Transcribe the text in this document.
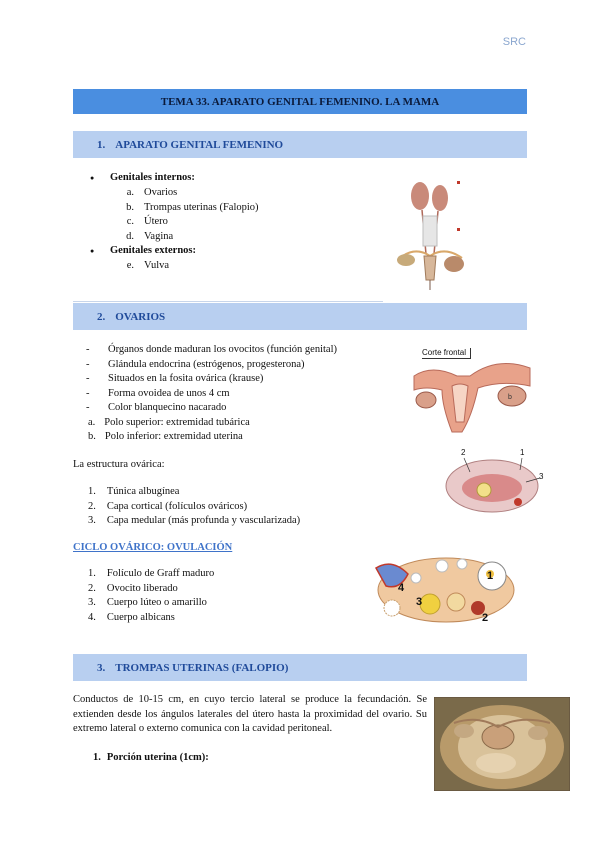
SRC
TEMA 33. APARATO GENITAL FEMENINO. LA MAMA
1. APARATO GENITAL FEMENINO
● Genitales internos:
a. Ovarios
b. Trompas uterinas (Falopio)
c. Útero
d. Vagina
● Genitales externos:
e. Vulva
2. OVARIOS
- Órganos donde maduran los ovocitos (función genital)
- Glándula endocrina (estrógenos, progesterona)
- Situados en la fosita ovárica (krause)
- Forma ovoidea de unos 4 cm
- Color blanquecino nacarado
a. Polo superior: extremidad tubárica
b. Polo inferior: extremidad uterina
Corte frontal
b
La estructura ovárica:
1. Túnica albugínea
2. Capa cortical (folículos ováricos)
3. Capa medular (más profunda y vascularizada)
2	1
3
CICLO OVÁRICO: OVULACIÓN
1. Folículo de Graff maduro
2. Ovocito liberado
3. Cuerpo lúteo o amarillo
4. Cuerpo albicans
1
2
3
4
3. TROMPAS UTERINAS (FALOPIO)
Conductos de 10-15 cm, en cuyo tercio lateral se produce la fecundación. Se extienden desde los ángulos laterales del útero hasta la proximidad del ovario. Su extremo lateral o externo comunica con la cavidad peritoneal.
1. Porción uterina (1cm):
